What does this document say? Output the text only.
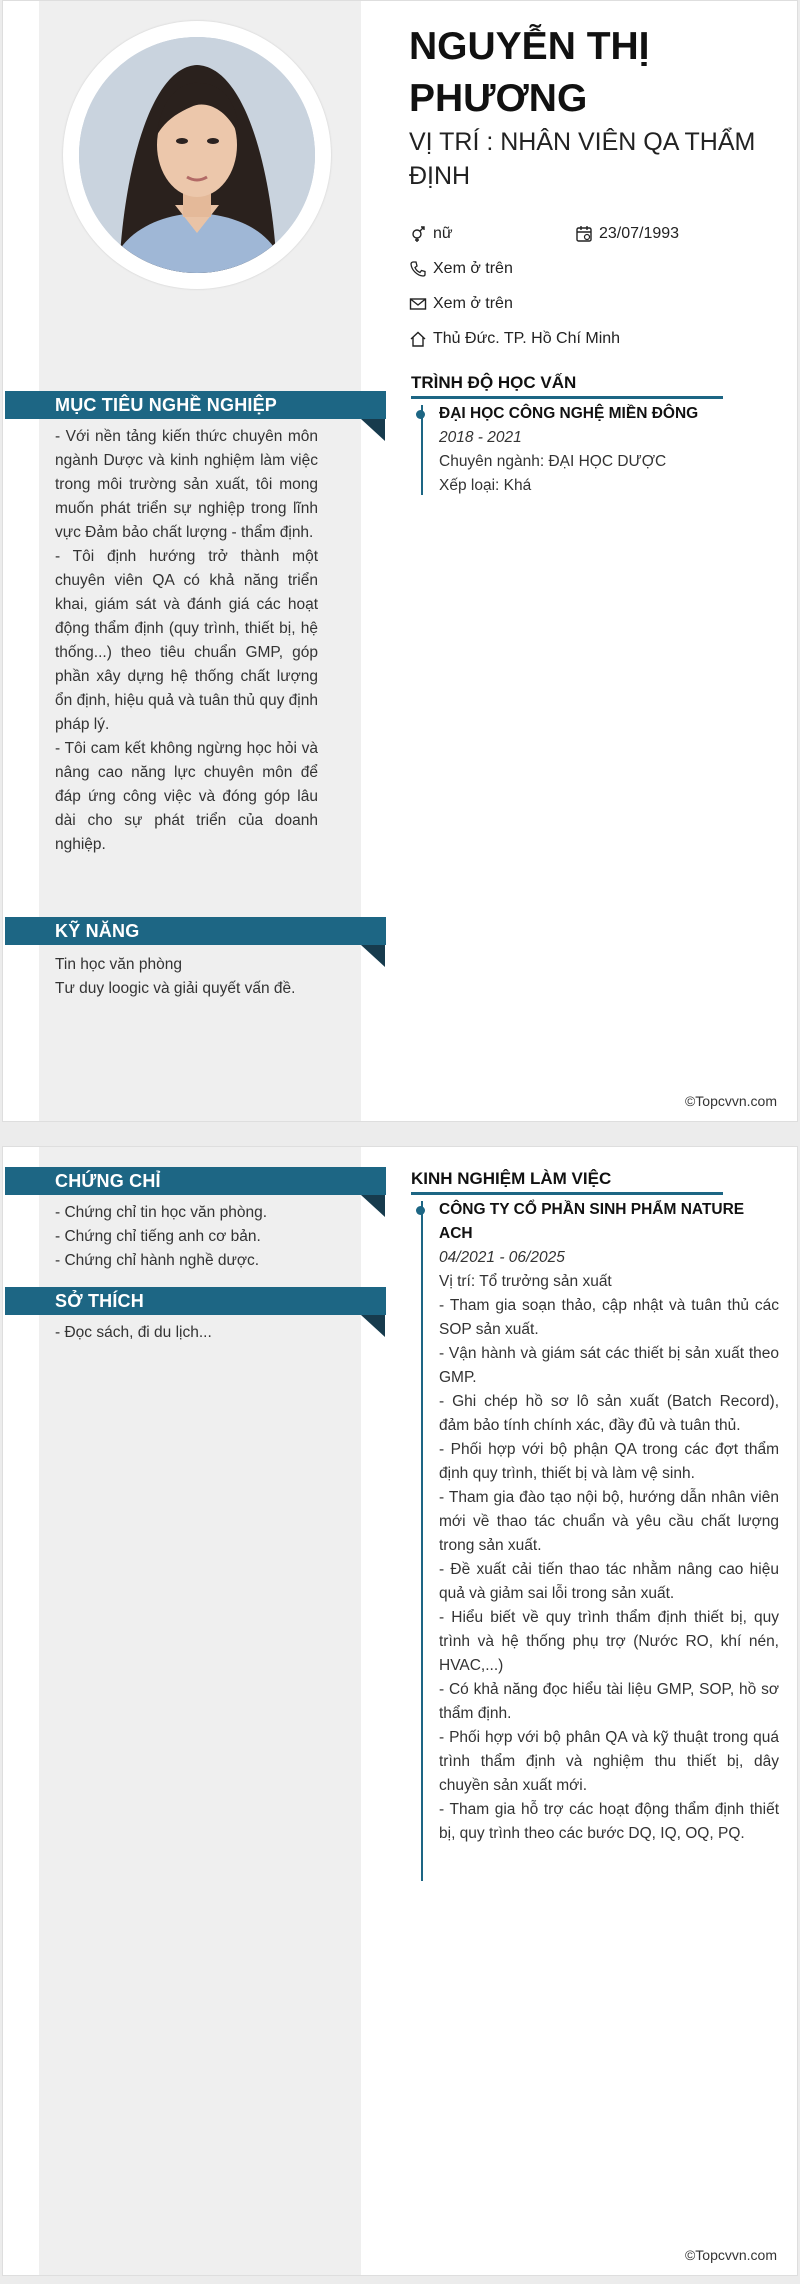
NGUYỄN THỊ PHƯƠNG
VỊ TRÍ : NHÂN VIÊN QA THẨM ĐỊNH
nữ	23/07/1993
Xem ở trên
Xem ở trên
Thủ Đức. TP. Hồ Chí Minh
MỤC TIÊU NGHỀ NGHIỆP

- Với nền tảng kiến thức chuyên môn ngành Dược và kinh nghiệm làm việc trong môi trường sản xuất, tôi mong muốn phát triển sự nghiệp trong lĩnh vực Đảm bảo chất lượng - thẩm định.

- Tôi định hướng trở thành một chuyên viên QA có khả năng triển khai, giám sát và đánh giá các hoạt động thẩm định (quy trình, thiết bị, hệ thống...) theo tiêu chuẩn GMP, góp phần xây dựng hệ thống chất lượng ổn định, hiệu quả và tuân thủ quy định pháp lý.

- Tôi cam kết không ngừng học hỏi và nâng cao năng lực chuyên môn để đáp ứng công việc và đóng góp lâu dài cho sự phát triển của doanh nghiệp.

KỸ NĂNG

Tin học văn phòng

Tư duy loogic và giải quyết vấn đề.

TRÌNH ĐỘ HỌC VẤN
ĐẠI HỌC CÔNG NGHỆ MIỀN ĐÔNG
2018 - 2021
Chuyên ngành: ĐẠI HỌC DƯỢC
Xếp loại: Khá
©Topcvvn.com
CHỨNG CHỈ

- Chứng chỉ tin học văn phòng.

- Chứng chỉ tiếng anh cơ bản.

- Chứng chỉ hành nghề dược.

SỞ THÍCH

- Đọc sách, đi du lịch...

KINH NGHIỆM LÀM VIỆC
CÔNG TY CỔ PHẦN SINH PHẨM NATURE ACH
04/2021 - 06/2025
Vị trí: Tổ trưởng sản xuất

- Tham gia soạn thảo, cập nhật và tuân thủ các SOP sản xuất.

- Vận hành và giám sát các thiết bị sản xuất theo GMP.

- Ghi chép hồ sơ lô sản xuất (Batch Record), đảm bảo tính chính xác, đầy đủ và tuân thủ.

- Phối hợp với bộ phận QA trong các đợt thẩm định quy trình, thiết bị và làm vệ sinh.

- Tham gia đào tạo nội bộ, hướng dẫn nhân viên mới về thao tác chuẩn và yêu cầu chất lượng trong sản xuất.

- Đề xuất cải tiến thao tác nhằm nâng cao hiệu quả và giảm sai lỗi trong sản xuất.

- Hiểu biết về quy trình thẩm định thiết bị, quy trình và hệ thống phụ trợ (Nước RO, khí nén, HVAC,...)

- Có khả năng đọc hiểu tài liệu GMP, SOP, hồ sơ thẩm định.

- Phối hợp với bộ phân QA và kỹ thuật trong quá trình thẩm định và nghiệm thu thiết bị, dây chuyền sản xuất mới.

- Tham gia hỗ trợ các hoạt động thẩm định thiết bị, quy trình theo các bước DQ, IQ, OQ, PQ.

©Topcvvn.com
